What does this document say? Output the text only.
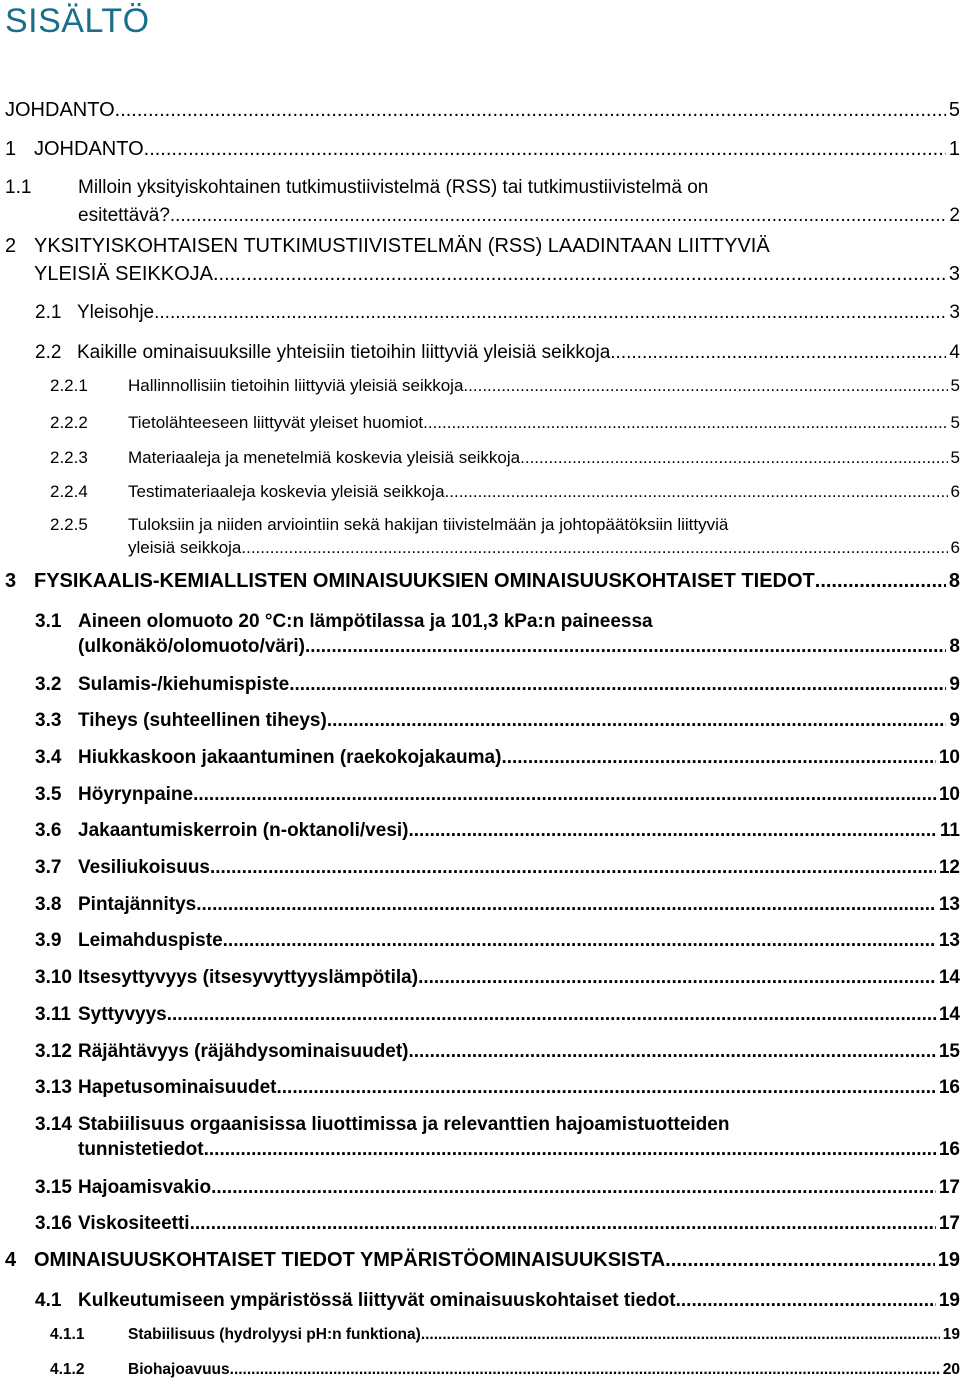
SISÄLTÖ
JOHDANTO .....	5
1 JOHDANTO .....	1
1.1	Milloin yksityiskohtainen tutkimustiivistelmä (RSS) tai tutkimustiivistelmä on
esitettävä? .....	2
2 YKSITYISKOHTAISEN TUTKIMUSTIIVISTELMÄN (RSS) LAADINTAAN LIITTYVIÄ
YLEISIÄ SEIKKOJA .....	3
2.1 Yleisohje .....	3
2.2 Kaikille ominaisuuksille yhteisiin tietoihin liittyviä yleisiä seikkoja .....	4
2.2.1	Hallinnollisiin tietoihin liittyviä yleisiä seikkoja .....	5
2.2.2	Tietolähteeseen liittyvät yleiset huomiot .....	5
2.2.3	Materiaaleja ja menetelmiä koskevia yleisiä seikkoja .....	5
2.2.4	Testimateriaaleja koskevia yleisiä seikkoja .....	6
2.2.5	Tuloksiin ja niiden arviointiin sekä hakijan tiivistelmään ja johtopäätöksiin liittyviä
yleisiä seikkoja .....	6
3 FYSIKAALIS-KEMIALLISTEN OMINAISUUKSIEN OMINAISUUSKOHTAISET TIEDOT .....	8
3.1 Aineen olomuoto 20 °C:n lämpötilassa ja 101,3 kPa:n paineessa
(ulkonäkö/olomuoto/väri) .....	8
3.2 Sulamis-/kiehumispiste .....	9
3.3 Tiheys (suhteellinen tiheys) .....	9
3.4 Hiukkaskoon jakaantuminen (raekokojakauma) .....	10
3.5 Höyrynpaine .....	10
3.6 Jakaantumiskerroin (n-oktanoli/vesi) .....	11
3.7 Vesiliukoisuus .....	12
3.8 Pintajännitys .....	13
3.9 Leimahduspiste .....	13
3.10 Itsesyttyvyys (itsesyvyttyyslämpötila) .....	14
3.11 Syttyvyys .....	14
3.12 Räjähtävyys (räjähdysominaisuudet) .....	15
3.13 Hapetusominaisuudet .....	16
3.14 Stabiilisuus orgaanisissa liuottimissa ja relevanttien hajoamistuotteiden
tunnistetiedot .....	16
3.15 Hajoamisvakio .....	17
3.16 Viskositeetti .....	17
4 OMINAISUUSKOHTAISET TIEDOT YMPÄRISTÖOMINAISUUKSISTA .....	19
4.1 Kulkeutumiseen ympäristössä liittyvät ominaisuuskohtaiset tiedot .....	19
4.1.1	Stabiilisuus (hydrolyysi pH:n funktiona) .....	19
4.1.2	Biohajoavuus .....	20
